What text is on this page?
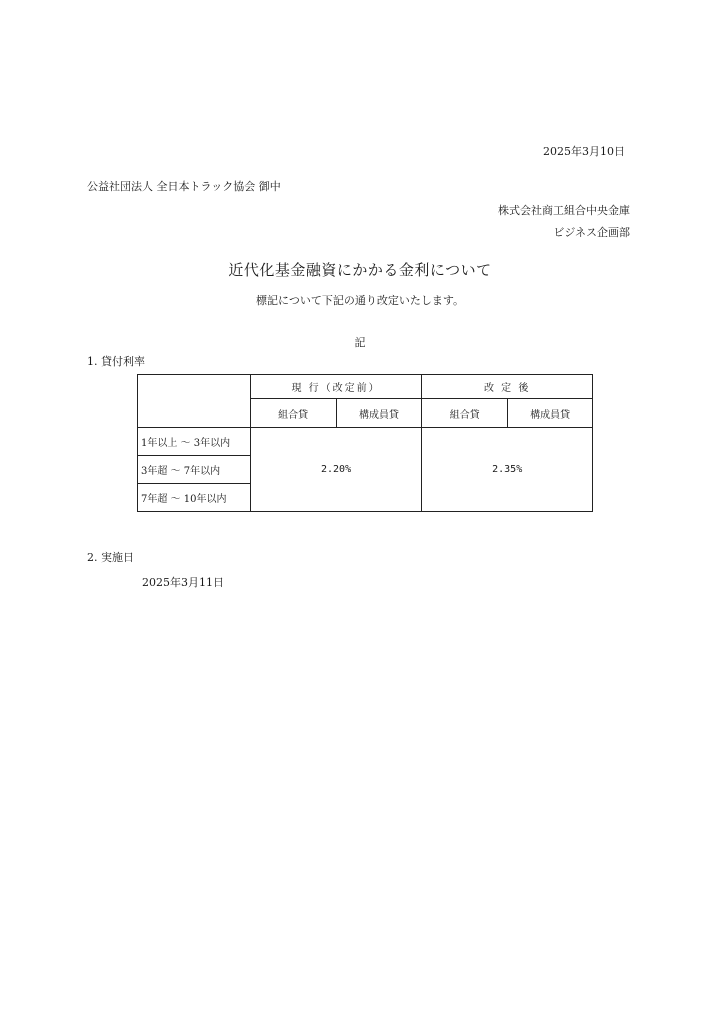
2025年3月10日
公益社団法人 全日本トラック協会 御中
株式会社商工組合中央金庫
ビジネス企画部
近代化基金融資にかかる金利について
標記について下記の通り改定いたします。
記
1. 貸付利率
	現 行（改定前）		改 定 後	
	組合貸	構成員貸	組合貸	構成員貸
1年以上 ～ 3年以内	2.20%		2.35%	
3年超 ～ 7年以内				
7年超 ～ 10年以内				
2. 実施日
2025年3月11日
